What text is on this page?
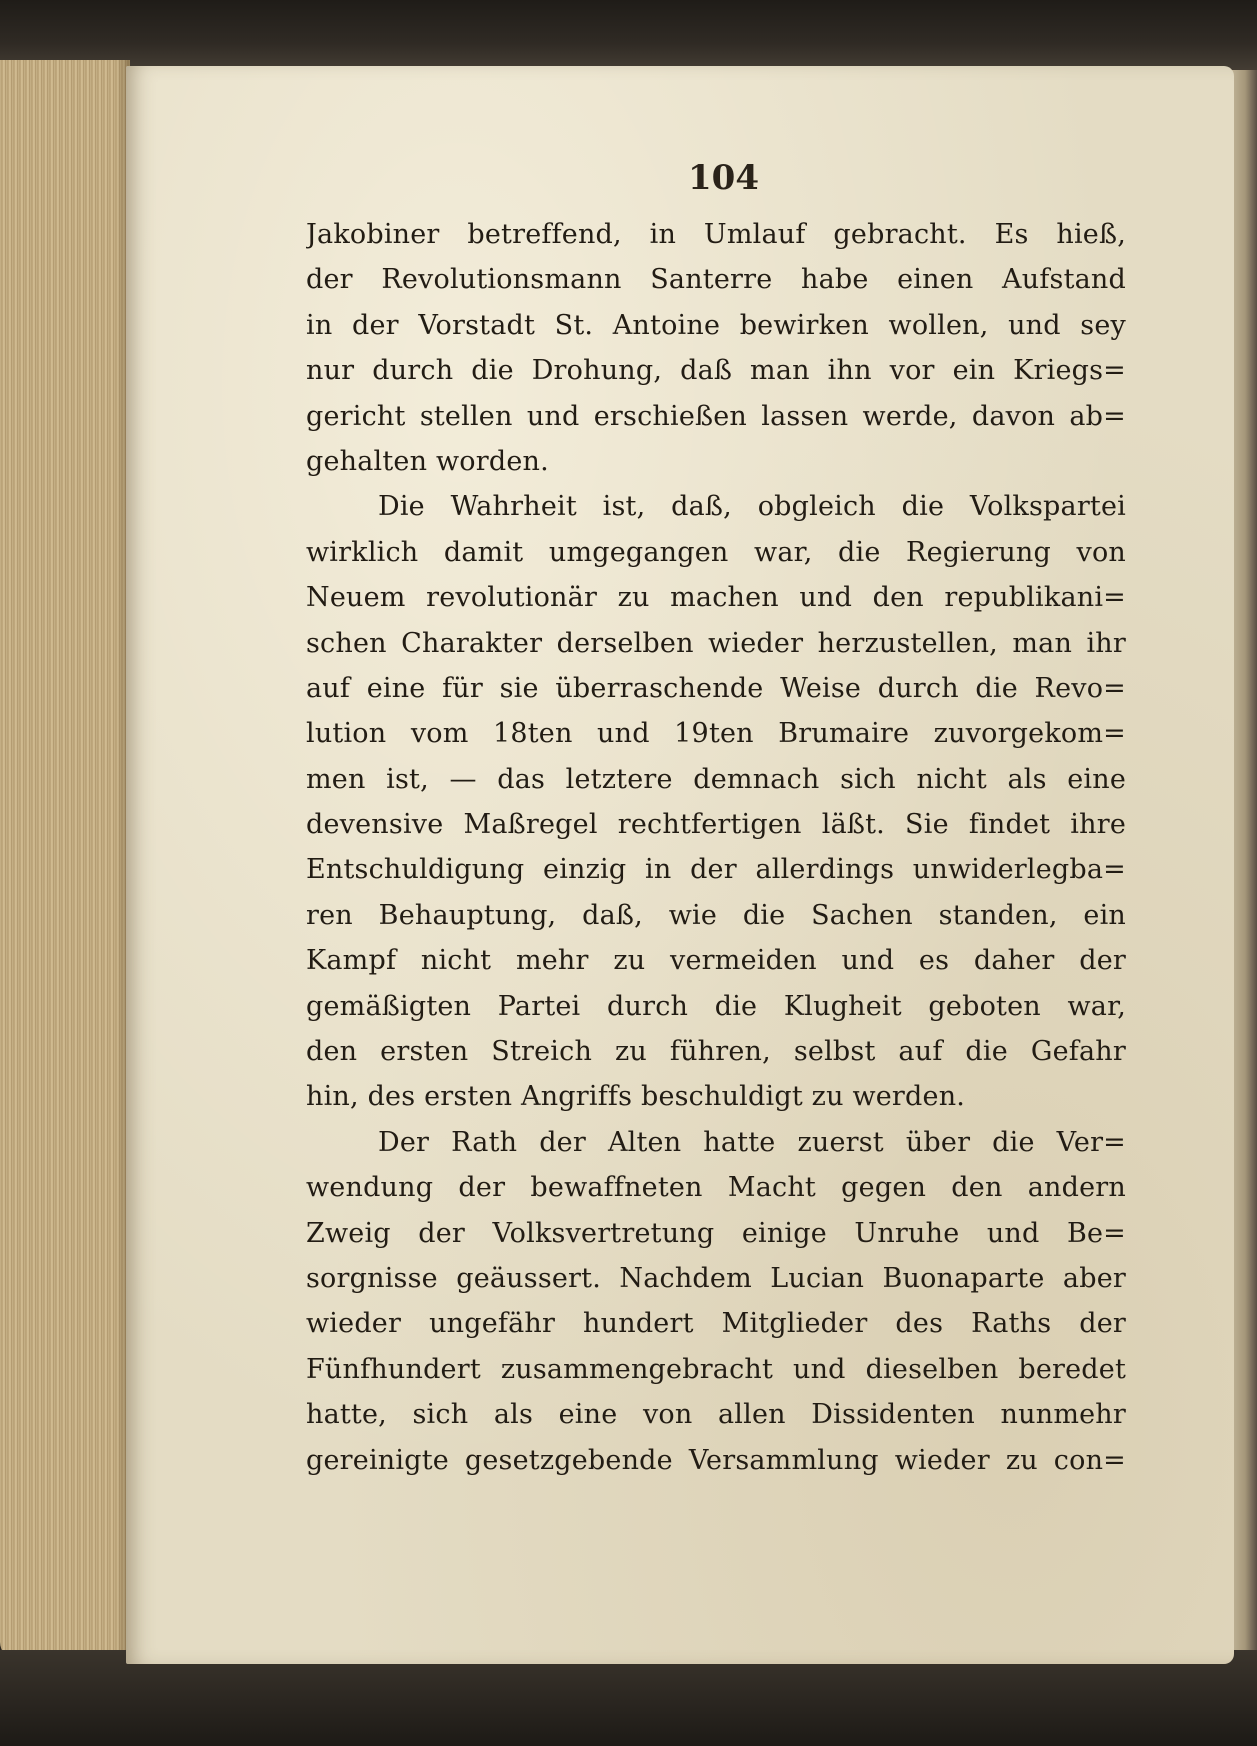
104
Jakobiner betreffend, in Umlauf gebracht. Es hieß,
der Revolutionsmann Santerre habe einen Aufstand
in der Vorstadt St. Antoine bewirken wollen, und sey
nur durch die Drohung, daß man ihn vor ein Kriegs=
gericht stellen und erschießen lassen werde, davon ab=
gehalten worden.
Die Wahrheit ist, daß, obgleich die Volkspartei
wirklich damit umgegangen war, die Regierung von
Neuem revolutionär zu machen und den republikani=
schen Charakter derselben wieder herzustellen, man ihr
auf eine für sie überraschende Weise durch die Revo=
lution vom 18ten und 19ten Brumaire zuvorgekom=
men ist, — das letztere demnach sich nicht als eine
devensive Maßregel rechtfertigen läßt. Sie findet ihre
Entschuldigung einzig in der allerdings unwiderlegba=
ren Behauptung, daß, wie die Sachen standen, ein
Kampf nicht mehr zu vermeiden und es daher der
gemäßigten Partei durch die Klugheit geboten war,
den ersten Streich zu führen, selbst auf die Gefahr
hin, des ersten Angriffs beschuldigt zu werden.
Der Rath der Alten hatte zuerst über die Ver=
wendung der bewaffneten Macht gegen den andern
Zweig der Volksvertretung einige Unruhe und Be=
sorgnisse geäussert. Nachdem Lucian Buonaparte aber
wieder ungefähr hundert Mitglieder des Raths der
Fünfhundert zusammengebracht und dieselben beredet
hatte, sich als eine von allen Dissidenten nunmehr
gereinigte gesetzgebende Versammlung wieder zu con=
